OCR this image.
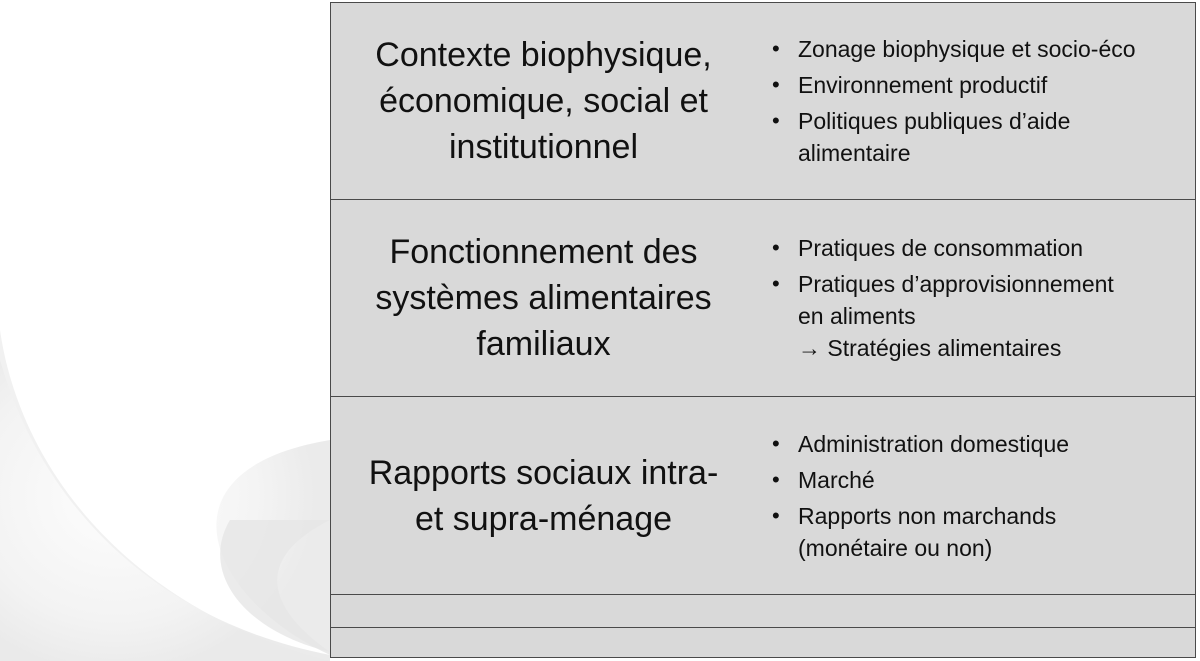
Contexte biophysique,
économique, social et
institutionnel
• Zonage biophysique et socio-éco
• Environnement productif
• Politiques publiques d’aide
alimentaire
Fonctionnement des
systèmes alimentaires
familiaux
• Pratiques de consommation
• Pratiques d’approvisionnement
en aliments
→ Stratégies alimentaires
Rapports sociaux intra-
et supra-ménage
• Administration domestique
• Marché
• Rapports non marchands
(monétaire ou non)
